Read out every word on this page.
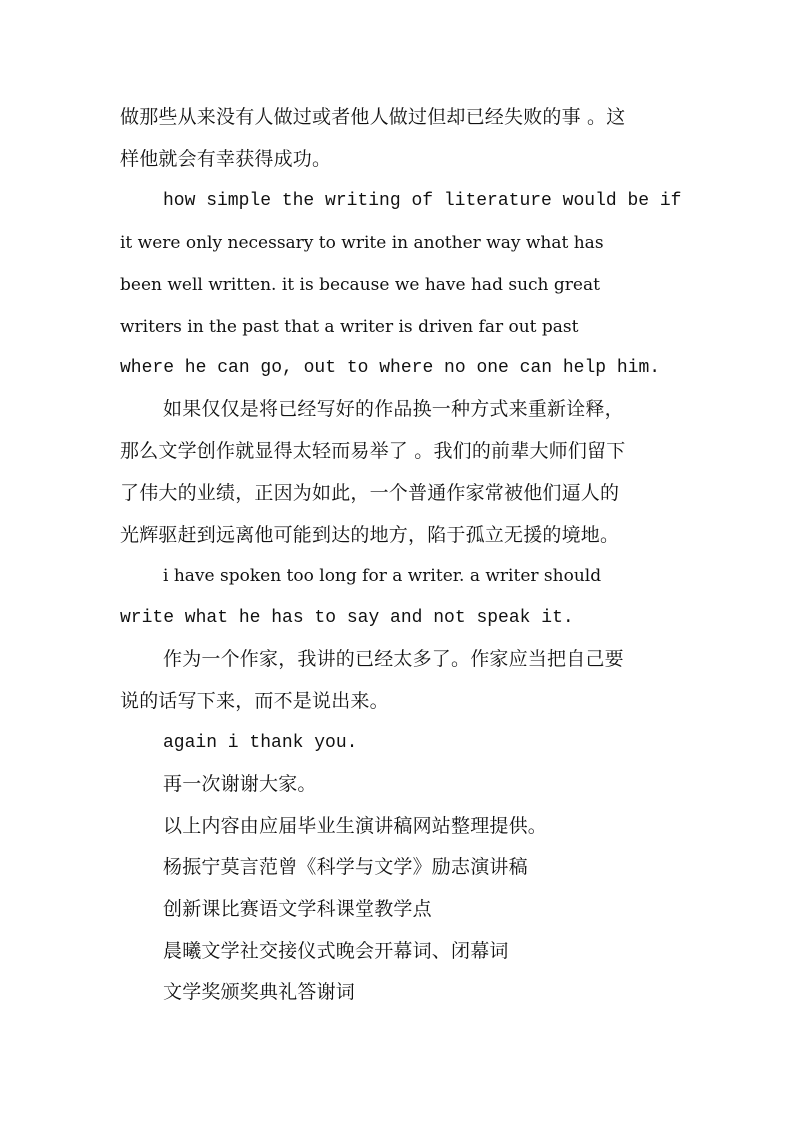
做那些从来没有人做过或者他人做过但却已经失败的事 。这

样他就会有幸获得成功。

how simple the writing of literature would be if

it were only necessary to write in another way what has

been well written. it is because we have had such great

writers in the past that a writer is driven far out past

where he can go, out to where no one can help him.

如果仅仅是将已经写好的作品换一种方式来重新诠释，

那么文学创作就显得太轻而易举了 。我们的前辈大师们留下

了伟大的业绩，正因为如此，一个普通作家常被他们逼人的

光辉驱赶到远离他可能到达的地方，陷于孤立无援的境地。

i have spoken too long for a writer. a writer should

write what he has to say and not speak it.

作为一个作家，我讲的已经太多了。作家应当把自己要

说的话写下来，而不是说出来。

again i thank you.

再一次谢谢大家。

以上内容由应届毕业生演讲稿网站整理提供。

杨振宁莫言范曾《科学与文学》励志演讲稿
创新课比赛语文学科课堂教学点
晨曦文学社交接仪式晚会开幕词、闭幕词
文学奖颁奖典礼答谢词
